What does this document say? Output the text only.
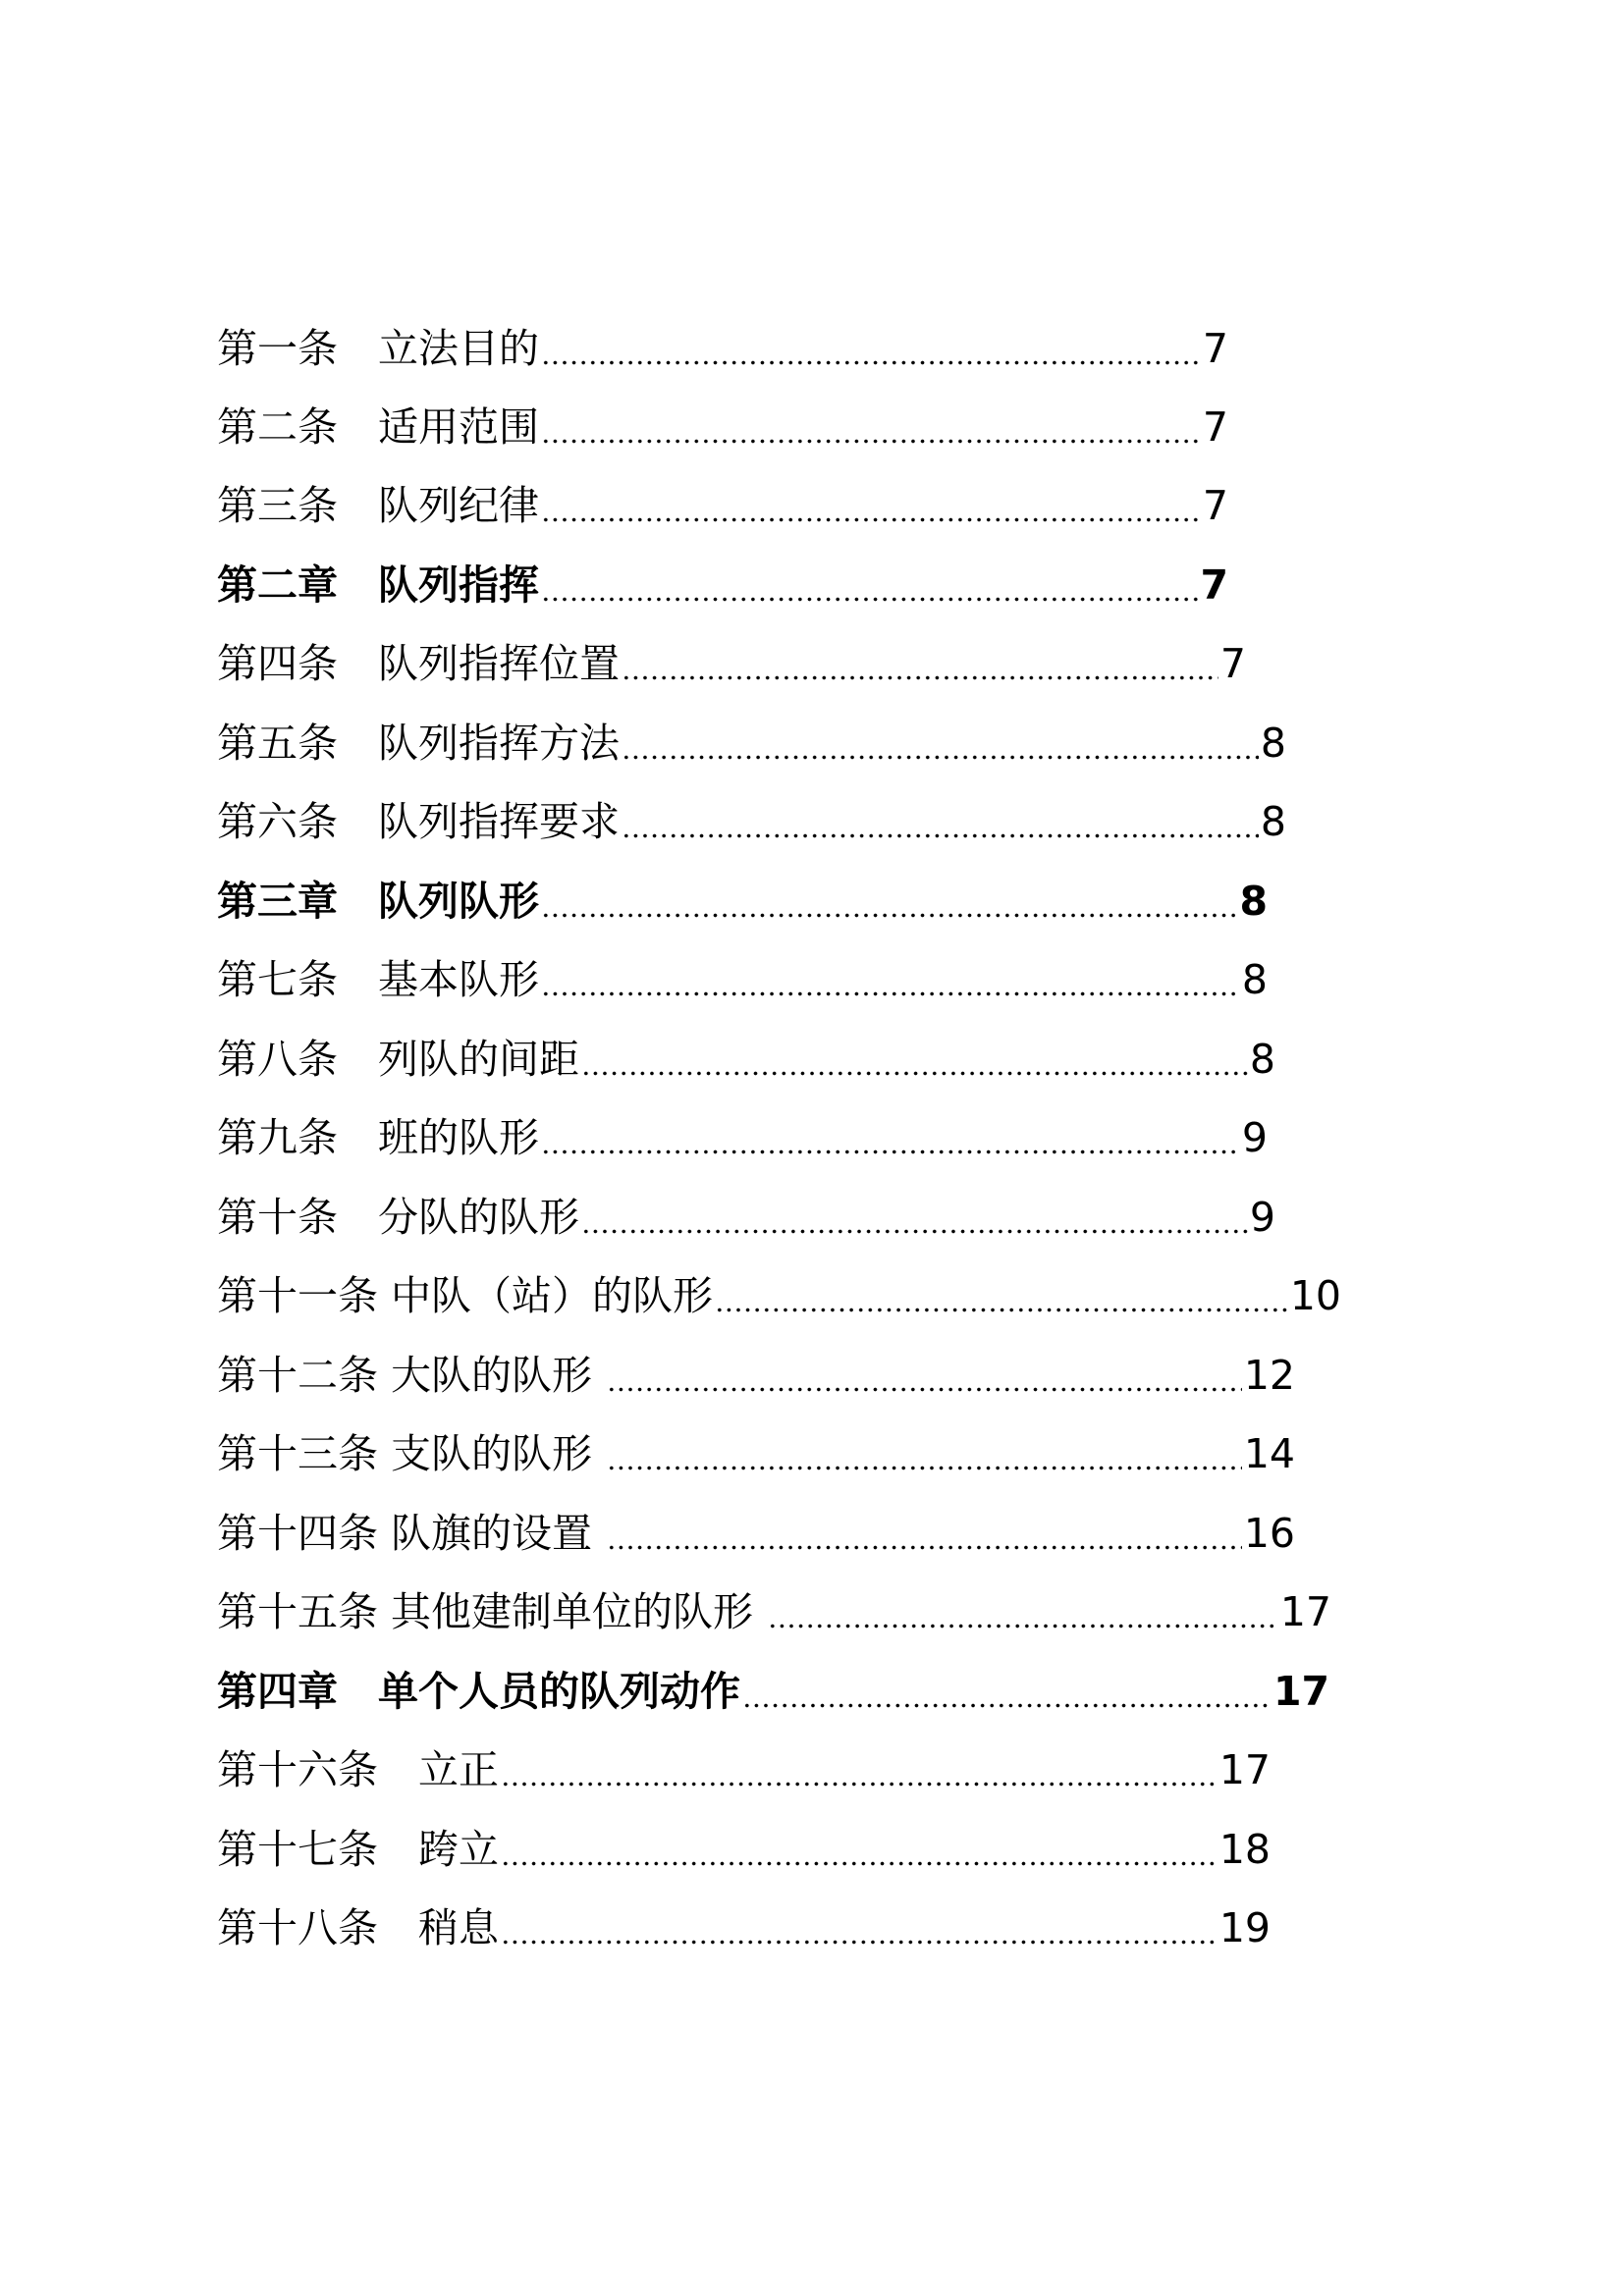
第一条　立法目的	7
第二条　适用范围	7
第三条　队列纪律	7
第二章　队列指挥	7
第四条　队列指挥位置	7
第五条　队列指挥方法	8
第六条　队列指挥要求	8
第三章　队列队形	8
第七条　基本队形	8
第八条　列队的间距	8
第九条　班的队形	9
第十条　分队的队形	9
第十一条 中队（站）的队形	10
第十二条 大队的队形	12
第十三条 支队的队形	14
第十四条 队旗的设置	16
第十五条 其他建制单位的队形	17
第四章　单个人员的队列动作	17
第十六条　立正	17
第十七条　跨立	18
第十八条　稍息	19
